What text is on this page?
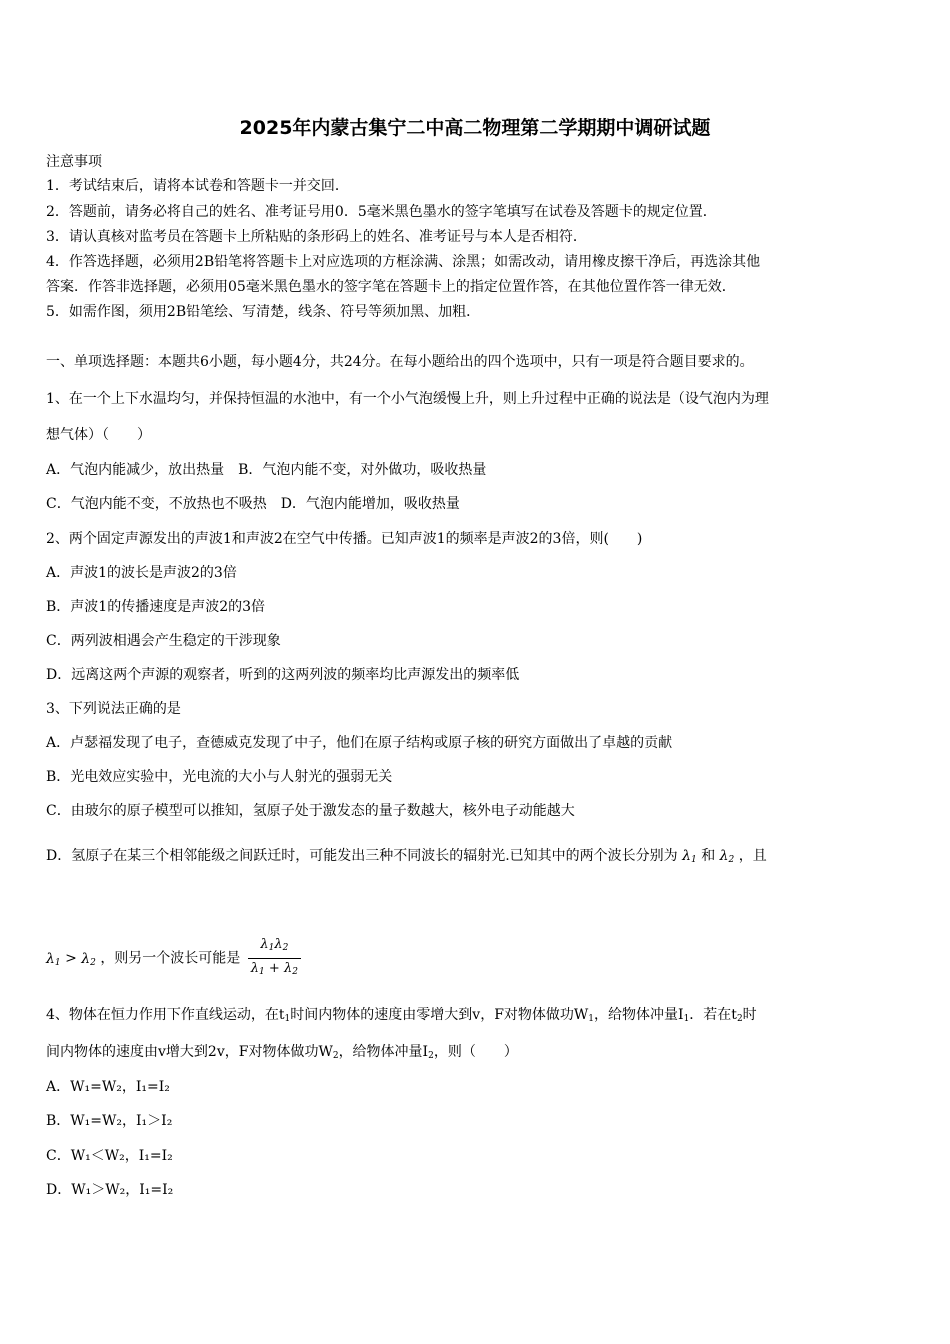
2025年内蒙古集宁二中高二物理第二学期期中调研试题
注意事项
1．考试结束后，请将本试卷和答题卡一并交回．
2．答题前，请务必将自己的姓名、准考证号用0．5毫米黑色墨水的签字笔填写在试卷及答题卡的规定位置．
3．请认真核对监考员在答题卡上所粘贴的条形码上的姓名、准考证号与本人是否相符．
4．作答选择题，必须用2B铅笔将答题卡上对应选项的方框涂满、涂黑；如需改动，请用橡皮擦干净后，再选涂其他
答案．作答非选择题，必须用05毫米黑色墨水的签字笔在答题卡上的指定位置作答，在其他位置作答一律无效．
5．如需作图，须用2B铅笔绘、写清楚，线条、符号等须加黑、加粗．
一、单项选择题：本题共6小题，每小题4分，共24分。在每小题给出的四个选项中，只有一项是符合题目要求的。
1、在一个上下水温均匀，并保持恒温的水池中，有一个小气泡缓慢上升，则上升过程中正确的说法是（设气泡内为理
想气体）（　　）
A．气泡内能减少，放出热量　B．气泡内能不变，对外做功，吸收热量
C．气泡内能不变，不放热也不吸热　D．气泡内能增加，吸收热量
2、两个固定声源发出的声波1和声波2在空气中传播。已知声波1的频率是声波2的3倍，则(　　)
A．声波1的波长是声波2的3倍
B．声波1的传播速度是声波2的3倍
C．两列波相遇会产生稳定的干涉现象
D．远离这两个声源的观察者，听到的这两列波的频率均比声源发出的频率低
3、下列说法正确的是
A．卢瑟福发现了电子，查德威克发现了中子，他们在原子结构或原子核的研究方面做出了卓越的贡献
B．光电效应实验中，光电流的大小与人射光的强弱无关
C．由玻尔的原子模型可以推知，氢原子处于激发态的量子数越大，核外电子动能越大
D．氢原子在某三个相邻能级之间跃迁时，可能发出三种不同波长的辐射光.已知其中的两个波长分别为 $\lambda_1$ 和 $\lambda_2$ ，且
$\lambda_1 > \lambda_2$ ，则另一个波长可能是 $\frac{\lambda_1\lambda_2}{\lambda_1 + \lambda_2}$
4、物体在恒力作用下作直线运动，在$t_1$时间内物体的速度由零增大到v，F对物体做功$W_1$，给物体冲量$I_1$．若在$t_2$时
间内物体的速度由v增大到2v，F对物体做功$W_2$，给物体冲量$I_2$，则（　　）
A．W₁=W₂，I₁=I₂
B．W₁=W₂，I₁＞I₂
C．W₁＜W₂，I₁=I₂
D．W₁＞W₂，I₁=I₂
